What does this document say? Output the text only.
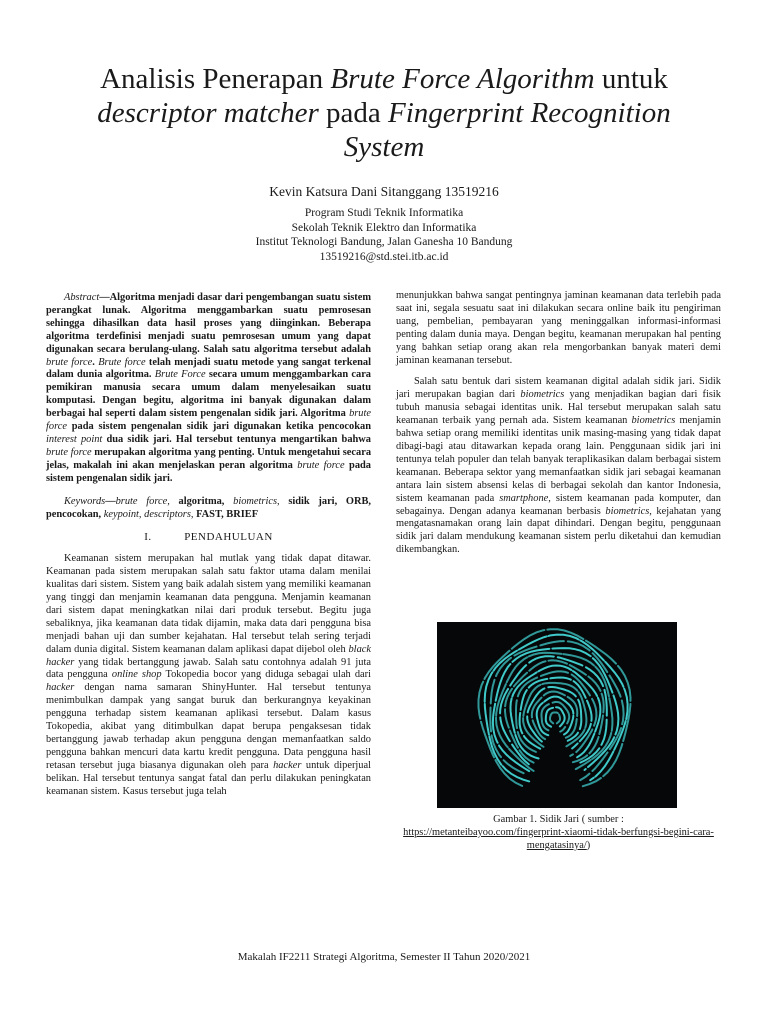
Analisis Penerapan Brute Force Algorithm untuk
descriptor matcher pada Fingerprint Recognition
System
Kevin Katsura Dani Sitanggang 13519216
Program Studi Teknik Informatika
Sekolah Teknik Elektro dan Informatika
Institut Teknologi Bandung, Jalan Ganesha 10 Bandung
13519216@std.stei.itb.ac.id

Abstract—Algoritma menjadi dasar dari pengembangan suatu sistem perangkat lunak. Algoritma menggambarkan suatu pemrosesan sehingga dihasilkan data hasil proses yang diinginkan. Beberapa algoritma terdefinisi menjadi suatu pemrosesan umum yang dapat digunakan secara berulang-ulang. Salah satu algoritma tersebut adalah brute force. Brute force telah menjadi suatu metode yang sangat terkenal dalam dunia algoritma. Brute Force secara umum menggambarkan cara pemikiran manusia secara umum dalam menyelesaikan suatu komputasi. Dengan begitu, algoritma ini banyak digunakan dalam berbagai hal seperti dalam sistem pengenalan sidik jari. Algoritma brute force pada sistem pengenalan sidik jari digunakan ketika pencocokan interest point dua sidik jari. Hal tersebut tentunya mengartikan bahwa brute force merupakan algoritma yang penting. Untuk mengetahui secara jelas, makalah ini akan menjelaskan peran algoritma brute force pada sistem pengenalan sidik jari.

Keywords—brute force, algoritma, biometrics, sidik jari, ORB, pencocokan, keypoint, descriptors, FAST, BRIEF

I.	PENDAHULUAN

Keamanan sistem merupakan hal mutlak yang tidak dapat ditawar. Keamanan pada sistem merupakan salah satu faktor utama dalam menilai kualitas dari sistem. Sistem yang baik adalah sistem yang memiliki keamanan yang tinggi dan menjamin keamanan data pengguna. Menjamin keamanan dari sistem dapat meningkatkan nilai dari produk tersebut. Begitu juga sebaliknya, jika keamanan data tidak dijamin, maka data dari pengguna bisa menjadi bahan uji dan sumber kejahatan. Hal tersebut telah sering terjadi dalam dunia digital. Sistem keamanan dalam aplikasi dapat dijebol oleh black hacker yang tidak bertanggung jawab. Salah satu contohnya adalah 91 juta data pengguna online shop Tokopedia bocor yang diduga sebagai ulah dari hacker dengan nama samaran ShinyHunter. Hal tersebut tentunya menimbulkan dampak yang sangat buruk dan berkurangnya keyakinan pengguna terhadap sistem keamanan aplikasi tersebut. Dalam kasus Tokopedia, akibat yang ditimbulkan dapat berupa pengaksesan tidak bertanggung jawab terhadap akun pengguna dengan memanfaatkan saldo pengguna bahkan mencuri data kartu kredit pengguna. Data pengguna hasil retasan tersebut juga biasanya digunakan oleh para hacker untuk diperjual belikan. Hal tersebut tentunya sangat fatal dan perlu dilakukan peningkatan keamanan sistem. Kasus tersebut juga telah

menunjukkan bahwa sangat pentingnya jaminan keamanan data terlebih pada saat ini, segala sesuatu saat ini dilakukan secara online baik itu pengiriman uang, pembelian, pembayaran yang meninggalkan informasi-informasi penting dalam dunia maya. Dengan begitu, keamanan merupakan hal penting yang bahkan setiap orang akan rela mengorbankan banyak materi demi jaminan keamanan tersebut.

Salah satu bentuk dari sistem keamanan digital adalah sidik jari. Sidik jari merupakan bagian dari biometrics yang menjadikan bagian dari fisik tubuh manusia sebagai identitas unik. Hal tersebut merupakan salah satu keamanan terbaik yang pernah ada. Sistem keamanan biometrics menjamin bahwa setiap orang memiliki identitas unik masing-masing yang tidak dapat dibagi-bagi atau ditawarkan kepada orang lain. Penggunaan sidik jari ini tentunya telah populer dan telah banyak teraplikasikan dalam berbagai sistem keamanan. Beberapa sektor yang memanfaatkan sidik jari sebagai keamanan antara lain sistem absensi kelas di berbagai sekolah dan kantor Indonesia, sistem keamanan pada smartphone, sistem keamanan pada komputer, dan sebagainya. Dengan adanya keamanan berbasis biometrics, kejahatan yang mengatasnamakan orang lain dapat dihindari. Dengan begitu, penggunaan sidik jari dalam mendukung keamanan sistem perlu diketahui dan kemudian dikembangkan.

Gambar 1. Sidik Jari ( sumber :
https://metanteibayoo.com/fingerprint-xiaomi-tidak-berfungsi-begini-cara-mengatasinya/)
Makalah IF2211 Strategi Algoritma, Semester II Tahun 2020/2021
